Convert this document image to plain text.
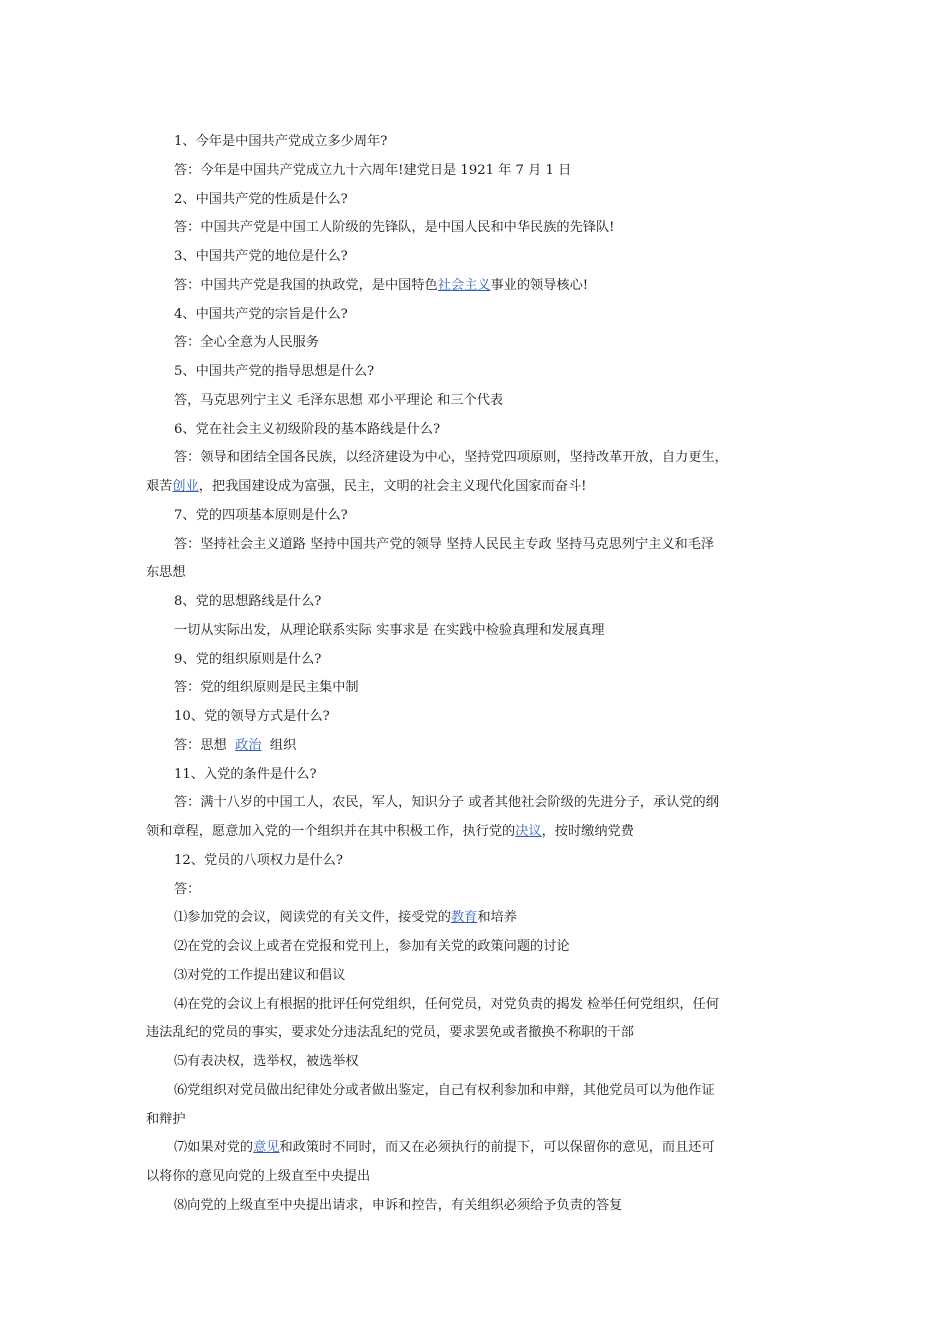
1、今年是中国共产党成立多少周年?
答：今年是中国共产党成立九十六周年!建党日是 1921 年 7 月 1 日
2、中国共产党的性质是什么?
答：中国共产党是中国工人阶级的先锋队，是中国人民和中华民族的先锋队!
3、中国共产党的地位是什么?
答：中国共产党是我国的执政党，是中国特色社会主义事业的领导核心!
4、中国共产党的宗旨是什么?
答：全心全意为人民服务
5、中国共产党的指导思想是什么?
答，马克思列宁主义 毛泽东思想 邓小平理论 和三个代表
6、党在社会主义初级阶段的基本路线是什么?
答：领导和团结全国各民族，以经济建设为中心，坚持党四项原则，坚持改革开放，自力更生，
艰苦创业，把我国建设成为富强，民主，文明的社会主义现代化国家而奋斗!
7、党的四项基本原则是什么?
答：坚持社会主义道路 坚持中国共产党的领导 坚持人民民主专政 坚持马克思列宁主义和毛泽
东思想
8、党的思想路线是什么?
一切从实际出发，从理论联系实际 实事求是 在实践中检验真理和发展真理
9、党的组织原则是什么?
答：党的组织原则是民主集中制
10、党的领导方式是什么?
答：思想  政治  组织
11、入党的条件是什么?
答：满十八岁的中国工人，农民，军人，知识分子 或者其他社会阶级的先进分子，承认党的纲
领和章程，愿意加入党的一个组织并在其中积极工作，执行党的决议，按时缴纳党费
12、党员的八项权力是什么?
答：
⑴参加党的会议，阅读党的有关文件，接受党的教育和培养
⑵在党的会议上或者在党报和党刊上，参加有关党的政策问题的讨论
⑶对党的工作提出建议和倡议
⑷在党的会议上有根据的批评任何党组织，任何党员，对党负责的揭发 检举任何党组织，任何
违法乱纪的党员的事实，要求处分违法乱纪的党员，要求罢免或者撤换不称职的干部
⑸有表决权，选举权，被选举权
⑹党组织对党员做出纪律处分或者做出鉴定，自己有权利参加和申辩，其他党员可以为他作证
和辩护
⑺如果对党的意见和政策时不同时，而又在必须执行的前提下，可以保留你的意见，而且还可
以将你的意见向党的上级直至中央提出
⑻向党的上级直至中央提出请求，申诉和控告，有关组织必须给予负责的答复
